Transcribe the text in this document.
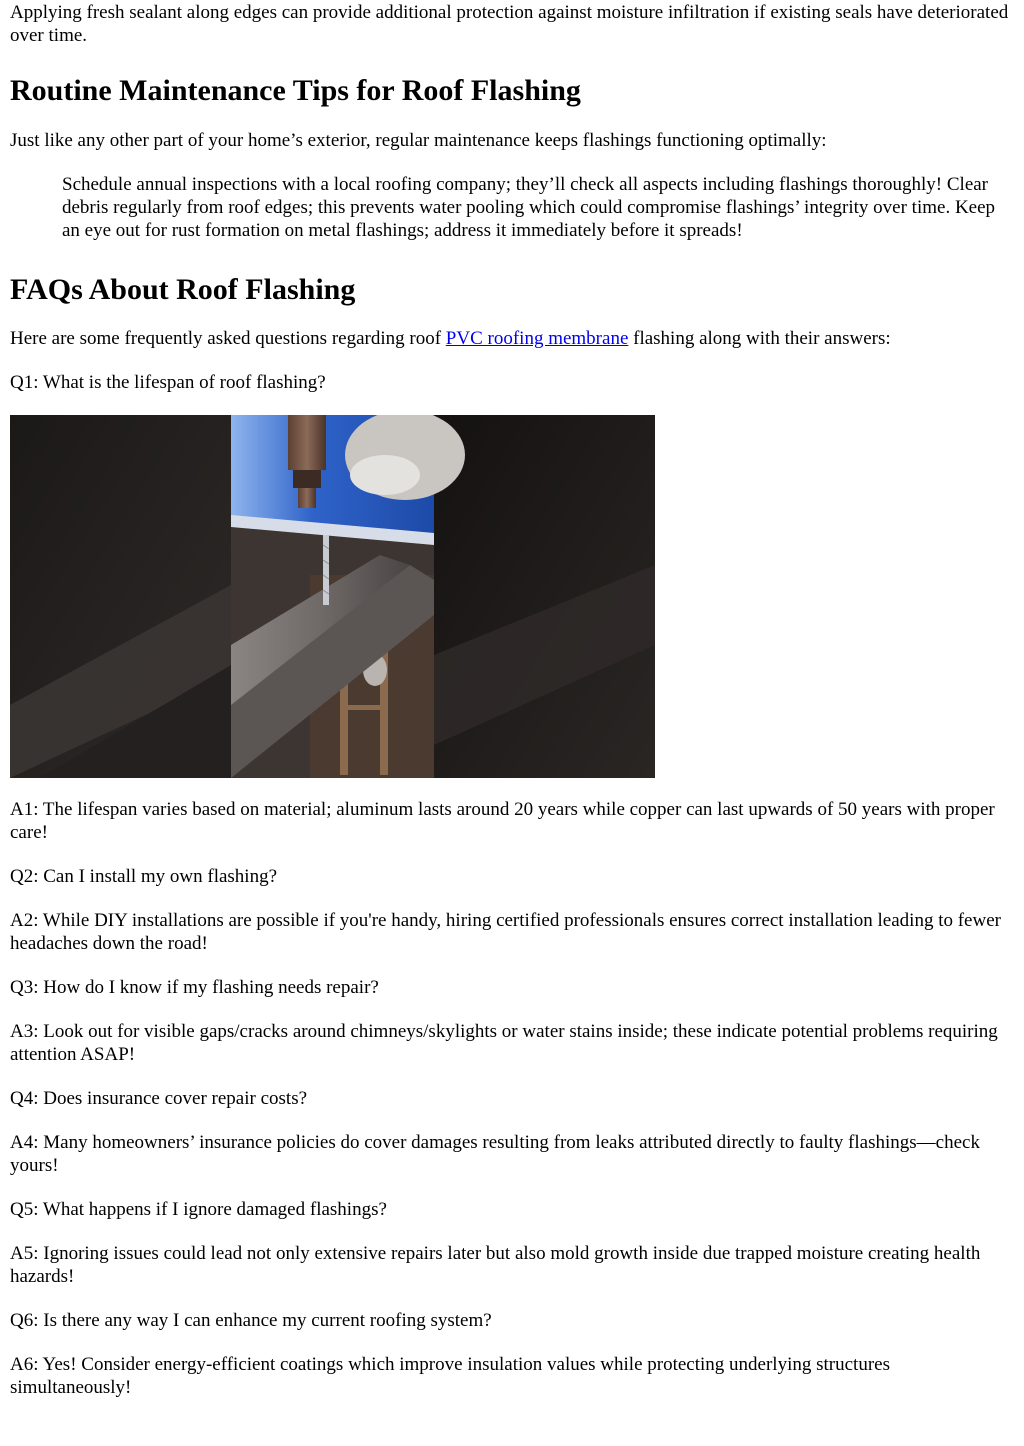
Applying fresh sealant along edges can provide additional protection against moisture infiltration if existing seals have deteriorated over time.

Routine Maintenance Tips for Roof Flashing

Just like any other part of your home’s exterior, regular maintenance keeps flashings functioning optimally:

Schedule annual inspections with a local roofing company; they’ll check all aspects including flashings thoroughly! Clear debris regularly from roof edges; this prevents water pooling which could compromise flashings’ integrity over time. Keep an eye out for rust formation on metal flashings; address it immediately before it spreads!
FAQs About Roof Flashing

Here are some frequently asked questions regarding roof PVC roofing membrane flashing along with their answers:

Q1: What is the lifespan of roof flashing?

A1: The lifespan varies based on material; aluminum lasts around 20 years while copper can last upwards of 50 years with proper care!

Q2: Can I install my own flashing?

A2: While DIY installations are possible if you're handy, hiring certified professionals ensures correct installation leading to fewer headaches down the road!

Q3: How do I know if my flashing needs repair?

A3: Look out for visible gaps/cracks around chimneys/skylights or water stains inside; these indicate potential problems requiring attention ASAP!

Q4: Does insurance cover repair costs?

A4: Many homeowners’ insurance policies do cover damages resulting from leaks attributed directly to faulty flashings—check yours!

Q5: What happens if I ignore damaged flashings?

A5: Ignoring issues could lead not only extensive repairs later but also mold growth inside due trapped moisture creating health hazards!

Q6: Is there any way I can enhance my current roofing system?

A6: Yes! Consider energy-efficient coatings which improve insulation values while protecting underlying structures simultaneously!
